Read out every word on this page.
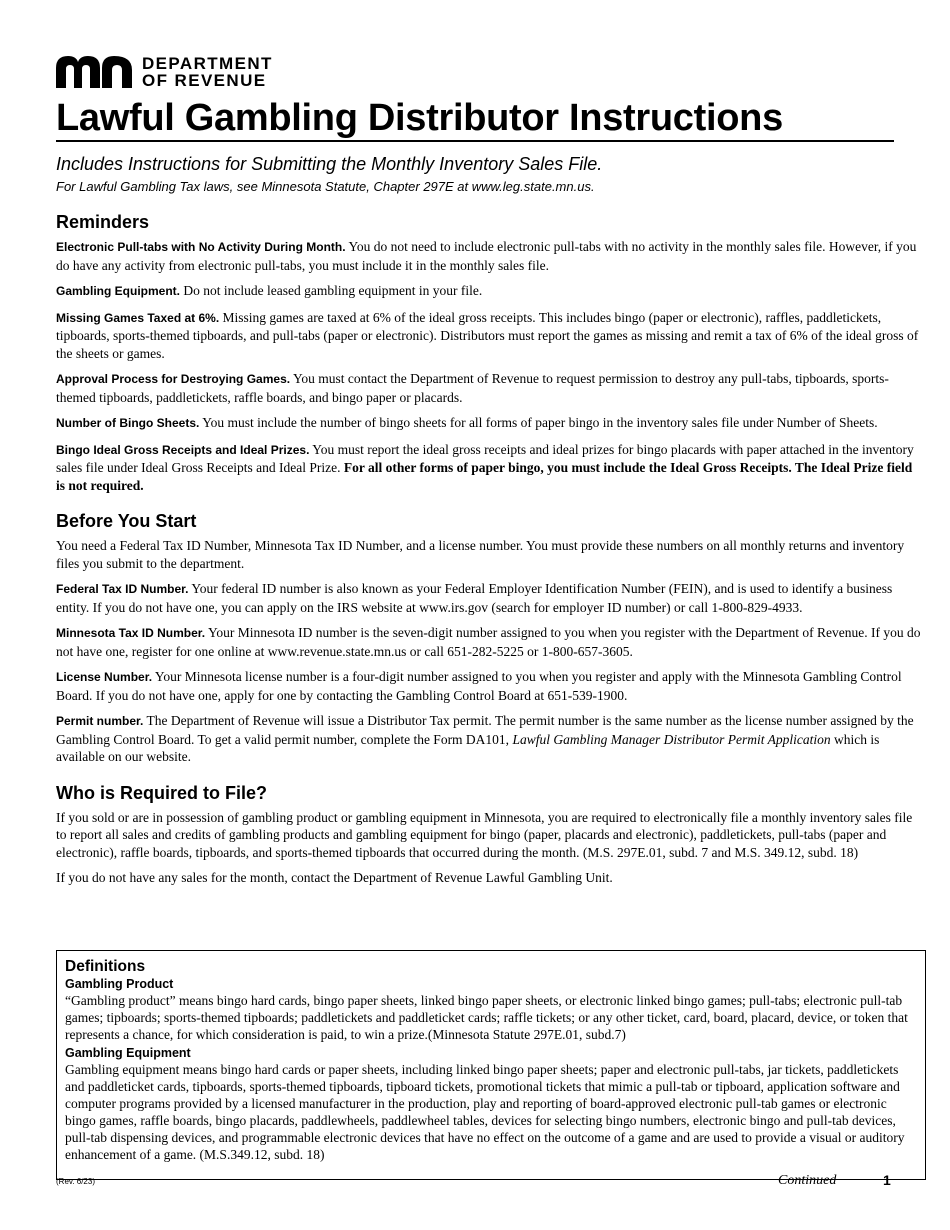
DEPARTMENT
OF REVENUE
Lawful Gambling Distributor Instructions
Includes Instructions for Submitting the Monthly Inventory Sales File.
For Lawful Gambling Tax laws, see Minnesota Statute, Chapter 297E at www.leg.state.mn.us.
Reminders

Electronic Pull-tabs with No Activity During Month. You do not need to include electronic pull-tabs with no activity in the monthly sales file. However, if you do have any activity from electronic pull-tabs, you must include it in the monthly sales file.

Gambling Equipment. Do not include leased gambling equipment in your file.

Missing Games Taxed at 6%. Missing games are taxed at 6% of the ideal gross receipts. This includes bingo (paper or electronic), raffles, paddletickets, tipboards, sports-themed tipboards, and pull-tabs (paper or electronic). Distributors must report the games as missing and remit a tax of 6% of the ideal gross of the sheets or games.

Approval Process for Destroying Games. You must contact the Department of Revenue to request permission to destroy any pull-tabs, tipboards, sports-themed tipboards, paddletickets, raffle boards, and bingo paper or placards.

Number of Bingo Sheets. You must include the number of bingo sheets for all forms of paper bingo in the inventory sales file under Number of Sheets.

Bingo Ideal Gross Receipts and Ideal Prizes. You must report the ideal gross receipts and ideal prizes for bingo placards with paper attached in the inventory sales file under Ideal Gross Receipts and Ideal Prize. For all other forms of paper bingo, you must include the Ideal Gross Receipts. The Ideal Prize field is not required.

Before You Start

You need a Federal Tax ID Number, Minnesota Tax ID Number, and a license number. You must provide these numbers on all monthly returns and inventory files you submit to the department.

Federal Tax ID Number. Your federal ID number is also known as your Federal Employer Identification Number (FEIN), and is used to identify a business entity. If you do not have one, you can apply on the IRS website at www.irs.gov (search for employer ID number) or call 1-800-829-4933.

Minnesota Tax ID Number. Your Minnesota ID number is the seven-digit number assigned to you when you register with the Department of Revenue. If you do not have one, register for one online at www.revenue.state.mn.us or call 651-282-5225 or 1-800-657-3605.

License Number. Your Minnesota license number is a four-digit number assigned to you when you register and apply with the Minnesota Gambling Control Board. If you do not have one, apply for one by contacting the Gambling Control Board at 651-539-1900.

Permit number. The Department of Revenue will issue a Distributor Tax permit. The permit number is the same number as the license number assigned by the Gambling Control Board. To get a valid permit number, complete the Form DA101, Lawful Gambling Manager Distributor Permit Application which is available on our website.

Who is Required to File?

If you sold or are in possession of gambling product or gambling equipment in Minnesota, you are required to electronically file a monthly inventory sales file to report all sales and credits of gambling products and gambling equipment for bingo (paper, placards and electronic), paddletickets, pull-tabs (paper and electronic), raffle boards, tipboards, and sports-themed tipboards that occurred during the month. (M.S. 297E.01, subd. 7 and M.S. 349.12, subd. 18)

If you do not have any sales for the month, contact the Department of Revenue Lawful Gambling Unit.

Definitions
Gambling Product

“Gambling product” means bingo hard cards, bingo paper sheets, linked bingo paper sheets, or electronic linked bingo games; pull-tabs; electronic pull-tab games; tipboards; sports-themed tipboards; paddletickets and paddleticket cards; raffle tickets; or any other ticket, card, board, placard, device, or token that represents a chance, for which consideration is paid, to win a prize.(Minnesota Statute 297E.01, subd.7)

Gambling Equipment

Gambling equipment means bingo hard cards or paper sheets, including linked bingo paper sheets; paper and electronic pull-tabs, jar tickets, paddletickets and paddleticket cards, tipboards, sports-themed tipboards, tipboard tickets, promotional tickets that mimic a pull-tab or tipboard, application software and computer programs provided by a licensed manufacturer in the production, play and reporting of board-approved electronic pull-tab games or electronic bingo games, raffle boards, bingo placards, paddlewheels, paddlewheel tables, devices for selecting bingo numbers, electronic bingo and pull-tab devices, pull-tab dispensing devices, and programmable electronic devices that have no effect on the outcome of a game and are used to provide a visual or auditory enhancement of a game. (M.S.349.12, subd. 18)

(Rev. 6/23)	Continued	1
